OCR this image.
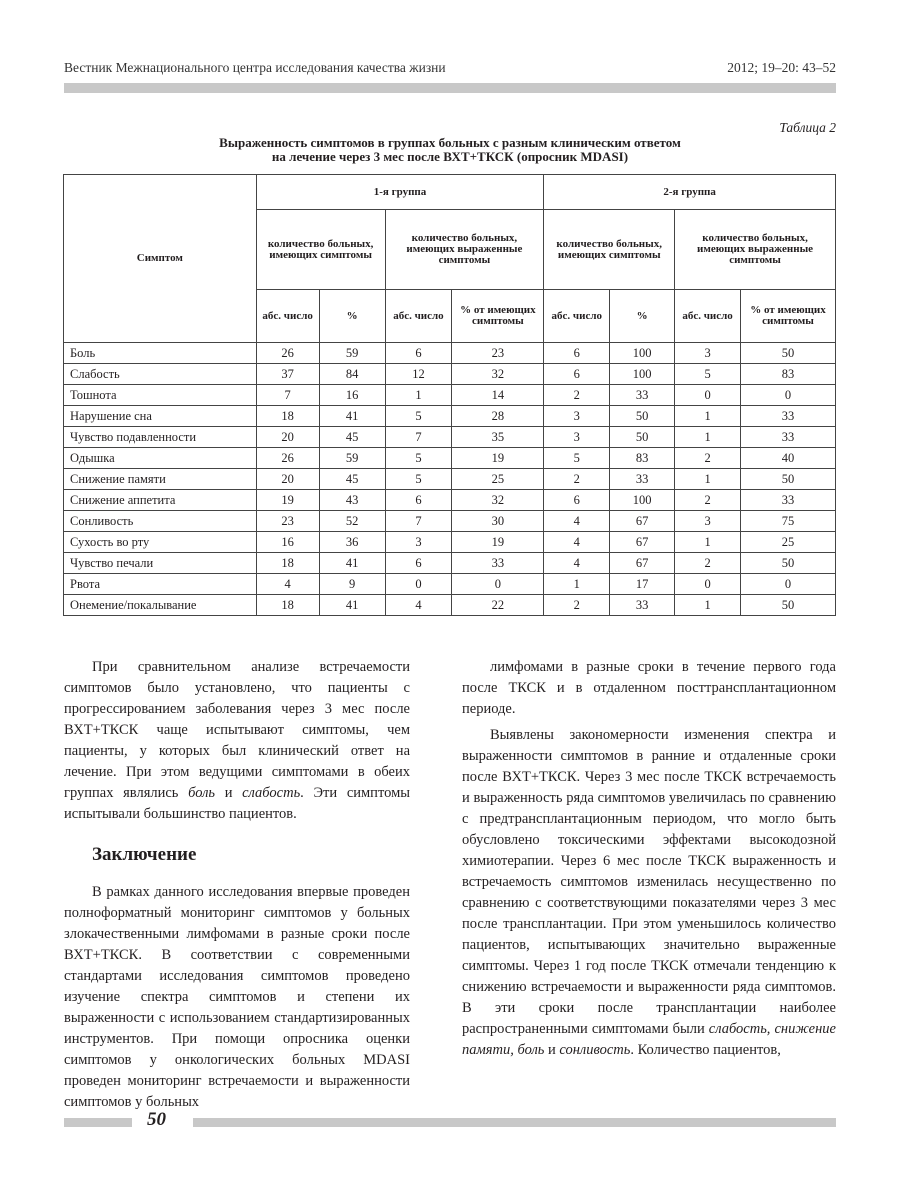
Вестник Межнационального центра исследования качества жизни	2012; 19–20: 43–52
Таблица 2
Выраженность симптомов в группах больных с разным клиническим ответом
на лечение через 3 мес после ВХТ+ТКСК (опросник MDASI)
Симптом	1-я группа				2-я группа			
	количество больных, имеющих симптомы		количество больных, имеющих выраженные симптомы		количество больных, имеющих симптомы		количество больных, имеющих выраженные симптомы	
	абс. число	%	абс. число	% от имеющих симптомы	абс. число	%	абс. число	% от имеющих симптомы
Боль	26	59	6	23	6	100	3	50
Слабость	37	84	12	32	6	100	5	83
Тошнота	7	16	1	14	2	33	0	0
Нарушение сна	18	41	5	28	3	50	1	33
Чувство подавленности	20	45	7	35	3	50	1	33
Одышка	26	59	5	19	5	83	2	40
Снижение памяти	20	45	5	25	2	33	1	50
Снижение аппетита	19	43	6	32	6	100	2	33
Сонливость	23	52	7	30	4	67	3	75
Сухость во рту	16	36	3	19	4	67	1	25
Чувство печали	18	41	6	33	4	67	2	50
Рвота	4	9	0	0	1	17	0	0
Онемение/покалывание	18	41	4	22	2	33	1	50

При сравнительном анализе встречаемости симптомов было установлено, что пациенты с прогрессированием заболевания через 3 мес после ВХТ+ТКСК чаще испытывают симптомы, чем пациенты, у которых был клинический ответ на лечение. При этом ведущими симптомами в обеих группах являлись боль и слабость. Эти симптомы испытывали большинство пациентов.

Заключение

В рамках данного исследования впервые проведен полноформатный мониторинг симптомов у больных злокачественными лимфомами в разные сроки после ВХТ+ТКСК. В соответствии с современными стандартами исследования симптомов проведено изучение спектра симптомов и степени их выраженности с использованием стандартизированных инструментов. При помощи опросника оценки симптомов у онкологических больных MDASI проведен мониторинг встречаемости и выраженности симптомов у больных

лимфомами в разные сроки в течение первого года после ТКСК и в отдаленном посттрансплантационном периоде.

Выявлены закономерности изменения спектра и выраженности симптомов в ранние и отдаленные сроки после ВХТ+ТКСК. Через 3 мес после ТКСК встречаемость и выраженность ряда симптомов увеличилась по сравнению с предтрансплантационным периодом, что могло быть обусловлено токсическими эффектами высокодозной химиотерапии. Через 6 мес после ТКСК выраженность и встречаемость симптомов изменилась несущественно по сравнению с соответствующими показателями через 3 мес после трансплантации. При этом уменьшилось количество пациентов, испытывающих значительно выраженные симптомы. Через 1 год после ТКСК отмечали тенденцию к снижению встречаемости и выраженности ряда симптомов. В эти сроки после трансплантации наиболее распространенными симптомами были слабость, снижение памяти, боль и сонливость. Количество пациентов,

50
